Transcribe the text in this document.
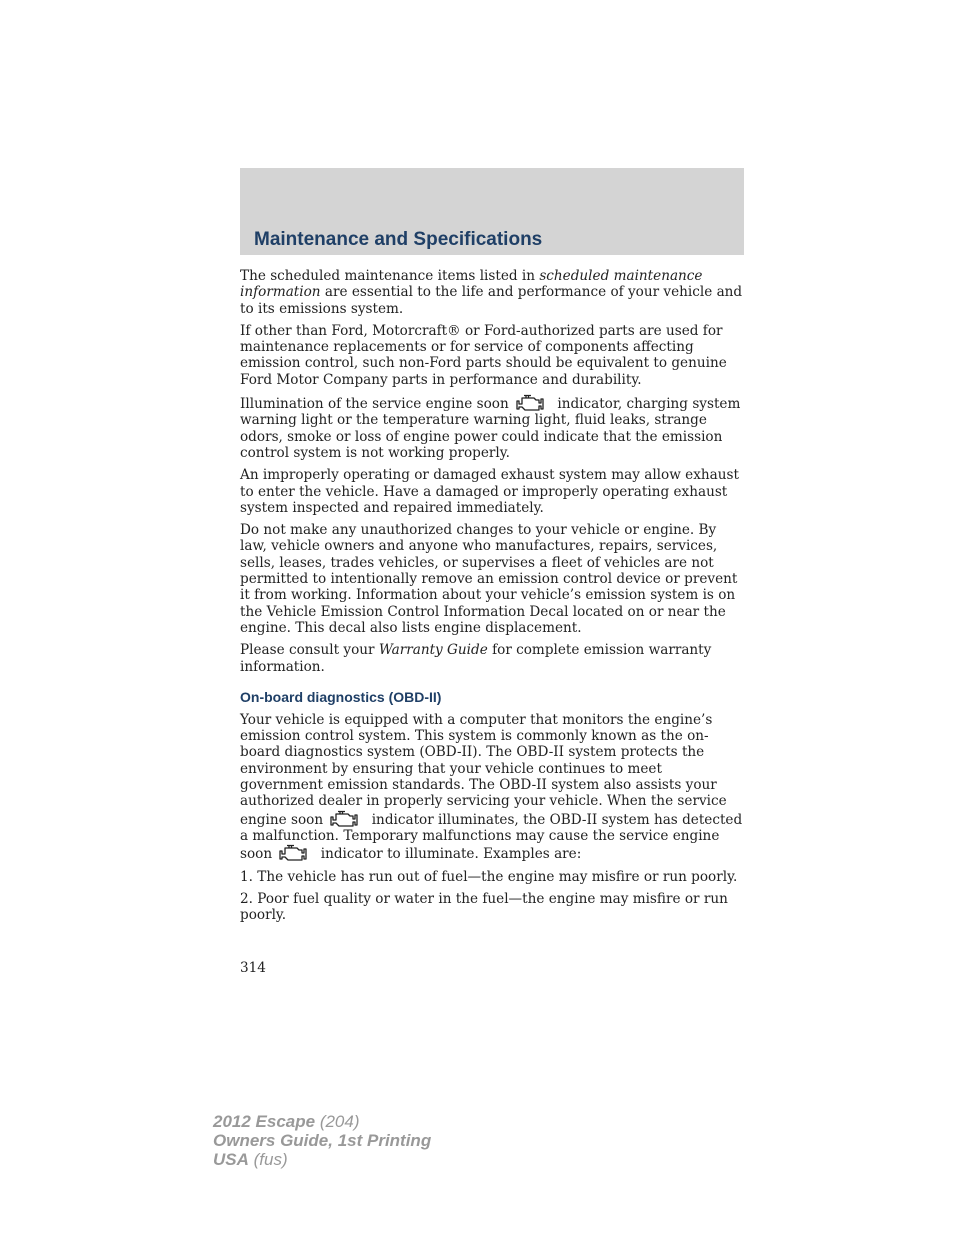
Maintenance and Specifications

The scheduled maintenance items listed in scheduled maintenance information are essential to the life and performance of your vehicle and to its emissions system.

If other than Ford, Motorcraft® or Ford-authorized parts are used for maintenance replacements or for service of components affecting emission control, such non-Ford parts should be equivalent to genuine Ford Motor Company parts in performance and durability.

Illumination of the service engine soon	indicator, charging system warning light or the temperature warning light, fluid leaks, strange odors, smoke or loss of engine power could indicate that the emission control system is not working properly.

An improperly operating or damaged exhaust system may allow exhaust to enter the vehicle. Have a damaged or improperly operating exhaust system inspected and repaired immediately.

Do not make any unauthorized changes to your vehicle or engine. By law, vehicle owners and anyone who manufactures, repairs, services, sells, leases, trades vehicles, or supervises a fleet of vehicles are not permitted to intentionally remove an emission control device or prevent it from working. Information about your vehicle’s emission system is on the Vehicle Emission Control Information Decal located on or near the engine. This decal also lists engine displacement.

Please consult your Warranty Guide for complete emission warranty information.

On-board diagnostics (OBD-II)

Your vehicle is equipped with a computer that monitors the engine’s emission control system. This system is commonly known as the on-board diagnostics system (OBD-II). The OBD-II system protects the environment by ensuring that your vehicle continues to meet government emission standards. The OBD-II system also assists your authorized dealer in properly servicing your vehicle. When the service engine soon	indicator illuminates, the OBD-II system has detected a malfunction. Temporary malfunctions may cause the service engine soon	indicator to illuminate. Examples are:

1. The vehicle has run out of fuel—the engine may misfire or run poorly.

2. Poor fuel quality or water in the fuel—the engine may misfire or run poorly.

314
2012 Escape (204)
Owners Guide, 1st Printing
USA (fus)
